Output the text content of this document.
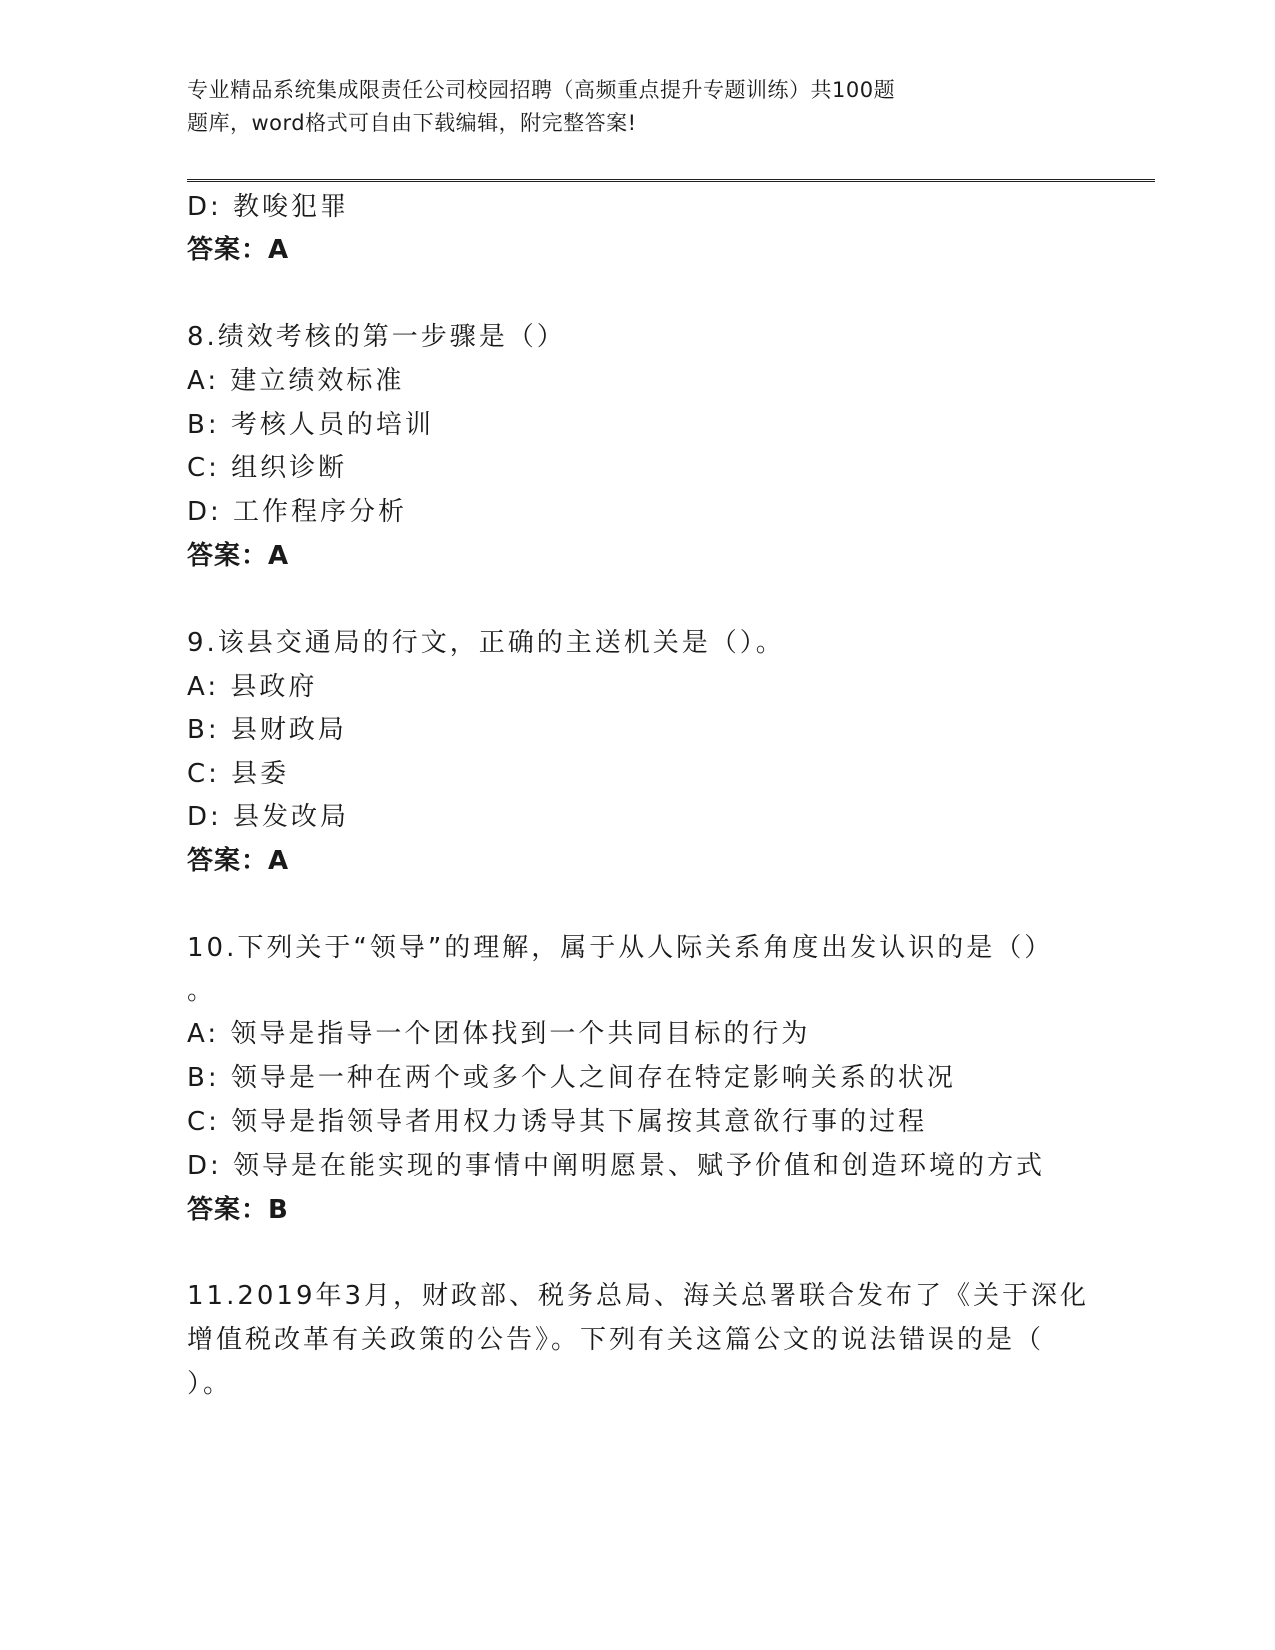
专业精品系统集成限责任公司校园招聘（高频重点提升专题训练）共100题
题库，word格式可自由下载编辑，附完整答案!
D: 教唆犯罪
答案：A
8.绩效考核的第一步骤是（）
A: 建立绩效标准
B: 考核人员的培训
C: 组织诊断
D: 工作程序分析
答案：A
9.该县交通局的行文，正确的主送机关是（）。
A: 县政府
B: 县财政局
C: 县委
D: 县发改局
答案：A
10.下列关于“领导”的理解，属于从人际关系角度出发认识的是（）
。
A: 领导是指导一个团体找到一个共同目标的行为
B: 领导是一种在两个或多个人之间存在特定影响关系的状况
C: 领导是指领导者用权力诱导其下属按其意欲行事的过程
D: 领导是在能实现的事情中阐明愿景、赋予价值和创造环境的方式
答案：B
11.2019年3月，财政部、税务总局、海关总署联合发布了《关于深化
增值税改革有关政策的公告》。下列有关这篇公文的说法错误的是（
）。
